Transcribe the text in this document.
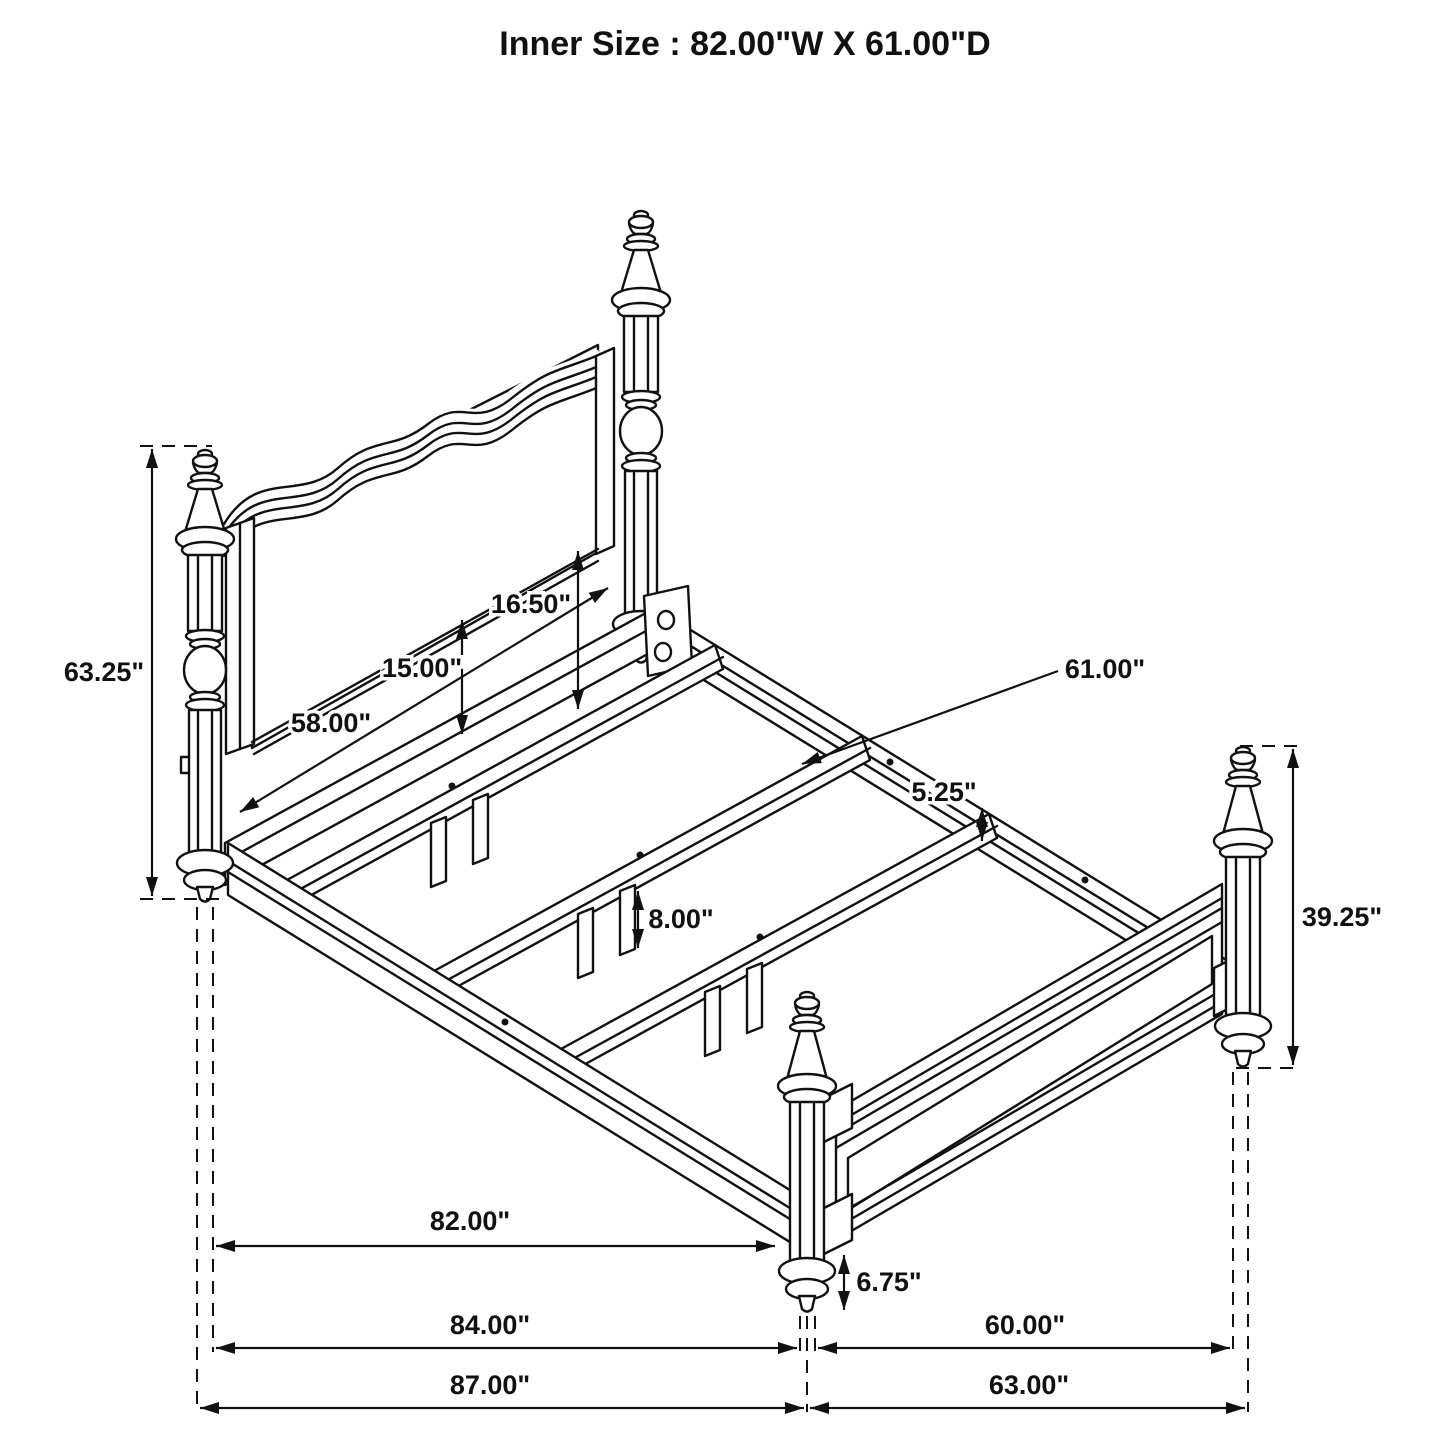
63.25"
58.00"
15.00"
16.50"
61.00"
5.25"
8.00"	39.25"
82.00"
6.75"
84.00"	60.00"
87.00"	63.00"
Inner Size : 82.00"W X 61.00"D
